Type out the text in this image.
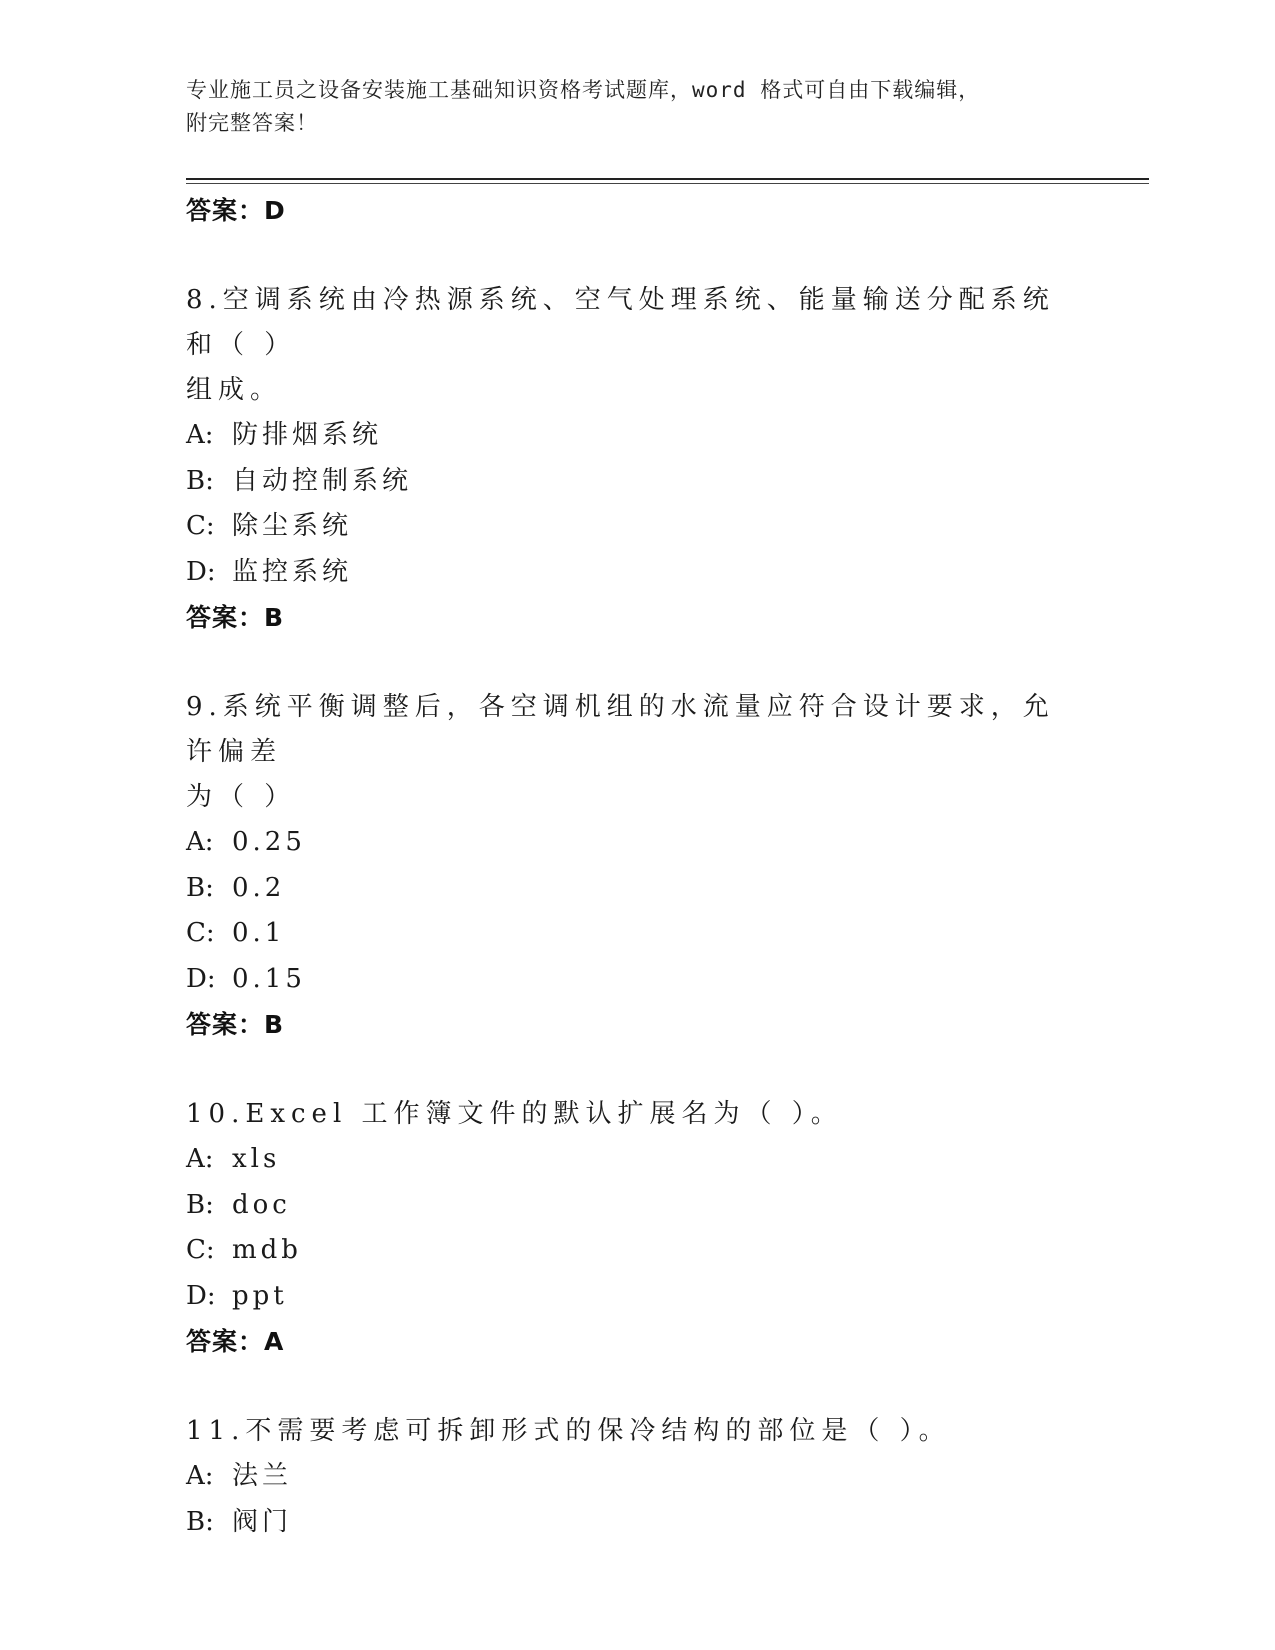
专业施工员之设备安装施工基础知识资格考试题库，word 格式可自由下载编辑，
附完整答案！
答案：D
8.空调系统由冷热源系统、空气处理系统、能量输送分配系统和（ ）
组成。
A: 防排烟系统
B: 自动控制系统
C: 除尘系统
D: 监控系统
答案：B
9.系统平衡调整后，各空调机组的水流量应符合设计要求，允许偏差
为（ ）
A: 0.25
B: 0.2
C: 0.1
D: 0.15
答案：B
10.Excel 工作簿文件的默认扩展名为（ ）。
A: xls
B: doc
C: mdb
D: ppt
答案：A
11.不需要考虑可拆卸形式的保冷结构的部位是（ ）。
A: 法兰
B: 阀门
